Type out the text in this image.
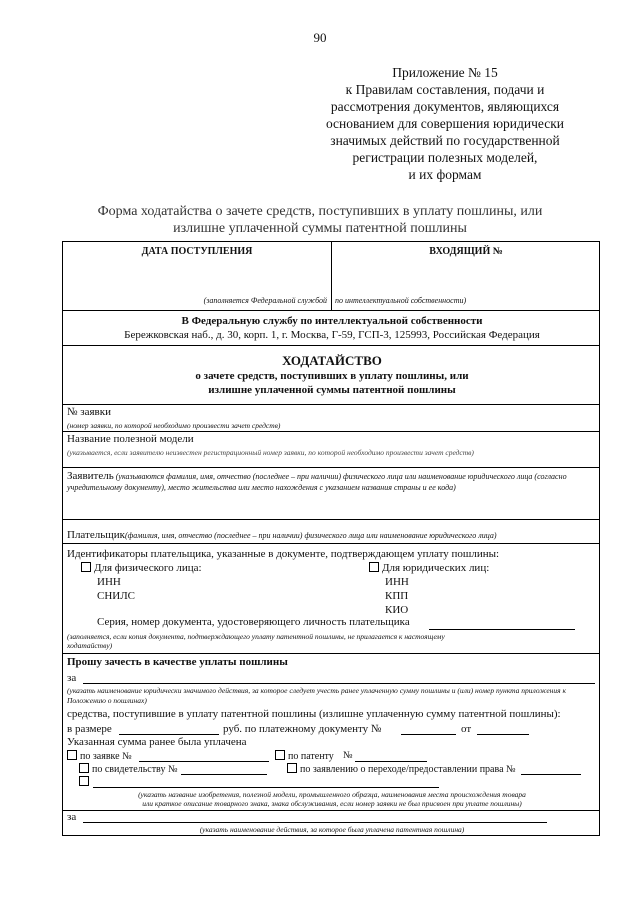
90
Приложение № 15
к Правилам составления, подачи и
рассмотрения документов, являющихся
основанием для совершения юридически
значимых действий по государственной
регистрации полезных моделей,
и их формам
Форма ходатайства о зачете средств, поступивших в уплату пошлины, или
излишне уплаченной суммы патентной пошлины
ДАТА ПОСТУПЛЕНИЯ	ВХОДЯЩИЙ №
(заполняется Федеральной службой по интеллектуальной собственности)
В Федеральную службу по интеллектуальной собственности
Бережковская наб., д. 30, корп. 1, г. Москва, Г-59, ГСП-3, 125993, Российская Федерация
ХОДАТАЙСТВО
о зачете средств, поступивших в уплату пошлины, или
излишне уплаченной суммы патентной пошлины
№ заявки
(номер заявки, по которой необходимо произвести зачет средств)
Название полезной модели
(указывается, если заявителю неизвестен регистрационный номер заявки, по которой необходимо произвести зачет средств)
Заявитель (указываются фамилия, имя, отчество (последнее – при наличии) физического лица или наименование юридического лица (согласно учредительному документу), место жительства или место нахождения с указанием названия страны и ее кода)
Плательщик(фамилия, имя, отчество (последнее – при наличии) физического лица или наименование юридического лица)
Идентификаторы плательщика, указанные в документе, подтверждающем уплату пошлины:
Для физического лица:
ИНН
СНИЛС
Для юридических лиц:
ИНН
КПП
КИО
Серия, номер документа, удостоверяющего личность плательщика
(заполняется, если копия документа, подтверждающего уплату патентной пошлины, не прилагается к настоящему
ходатайству)
Прошу зачесть в качестве уплаты пошлины
за
(указать наименование юридически значимого действия, за которое следует учесть ранее уплаченную сумму пошлины и (или) номер пункта приложения к Положению о пошлинах)
средства, поступившие в уплату патентной пошлины (излишне уплаченную сумму патентной пошлины):
в размере	руб. по платежному документу №	от
Указанная сумма ранее была уплачена
по заявке №	по патенту №
по свидетельству №	по заявлению о переходе/предоставлении права №
(указать название изобретения, полезной модели, промышленного образца, наименования места происхождения товара
или краткое описание товарного знака, знака обслуживания, если номер заявки не был присвоен при уплате пошлины)
за
(указать наименование действия, за которое была уплачена патентная пошлина)
